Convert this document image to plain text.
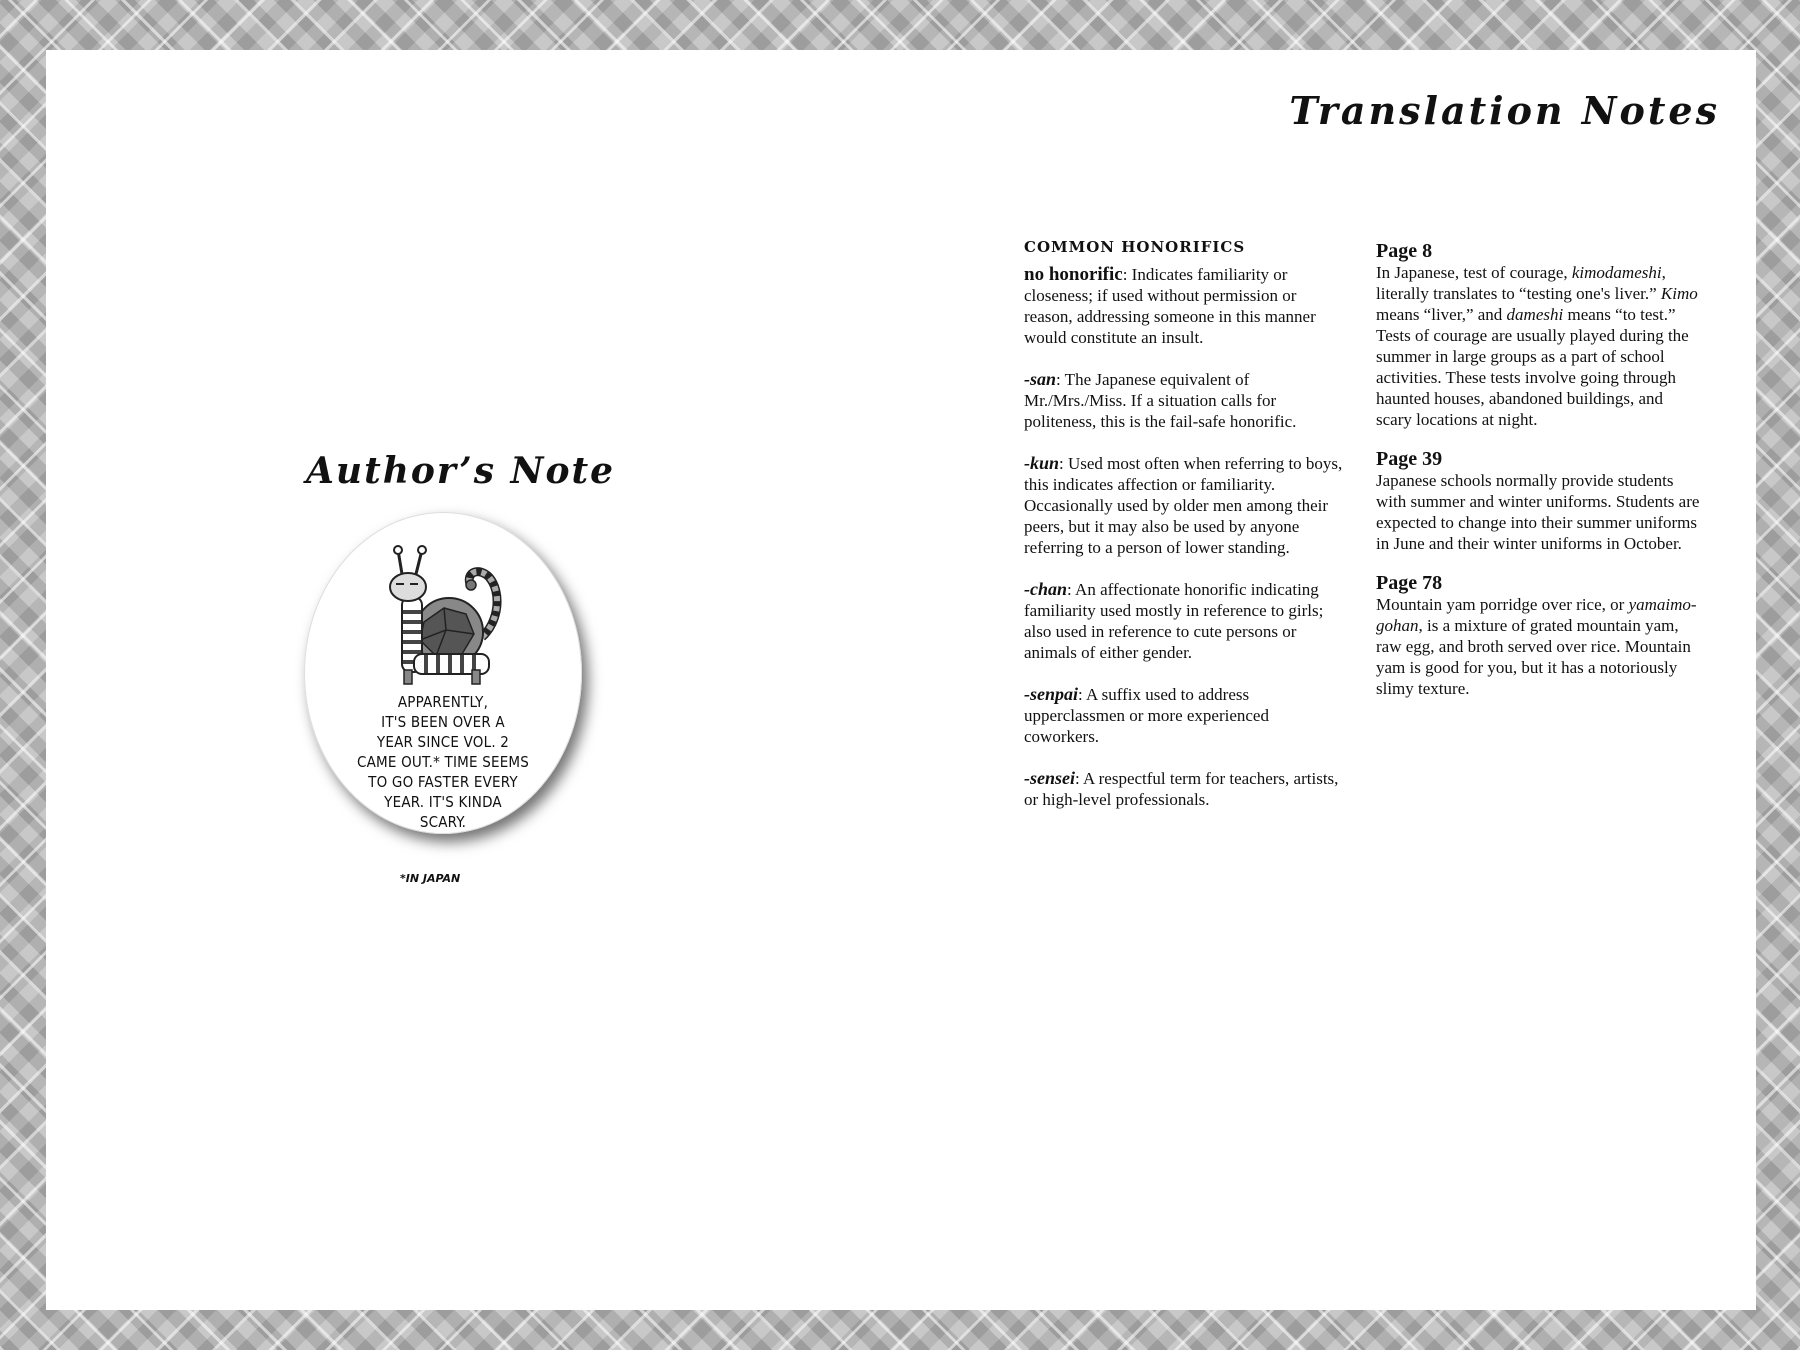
Author’s Note
APPARENTLY,
IT'S BEEN OVER A
YEAR SINCE VOL. 2
CAME OUT.* TIME SEEMS
TO GO FASTER EVERY
YEAR. IT'S KINDA
SCARY.
*IN JAPAN
Translation Notes
COMMON HONORIFICS
no honorific: Indicates familiarity or closeness; if used without permission or reason, addressing someone in this manner would constitute an insult.
-san: The Japanese equivalent of Mr./Mrs./Miss. If a situation calls for politeness, this is the fail-safe honorific.
-kun: Used most often when referring to boys, this indicates affection or familiarity. Occasionally used by older men among their peers, but it may also be used by anyone referring to a person of lower standing.
-chan: An affectionate honorific indicating familiarity used mostly in reference to girls; also used in reference to cute persons or animals of either gender.
-senpai: A suffix used to address upperclassmen or more experienced coworkers.
-sensei: A respectful term for teachers, artists, or high-level professionals.
Page 8
In Japanese, test of courage, kimodameshi, literally translates to “testing one's liver.” Kimo means “liver,” and dameshi means “to test.” Tests of courage are usually played during the summer in large groups as a part of school activities. These tests involve going through haunted houses, abandoned buildings, and scary locations at night.
Page 39
Japanese schools normally provide students with summer and winter uniforms. Students are expected to change into their summer uniforms in June and their winter uniforms in October.
Page 78
Mountain yam porridge over rice, or yamaimo-gohan, is a mixture of grated mountain yam, raw egg, and broth served over rice. Mountain yam is good for you, but it has a notoriously slimy texture.
